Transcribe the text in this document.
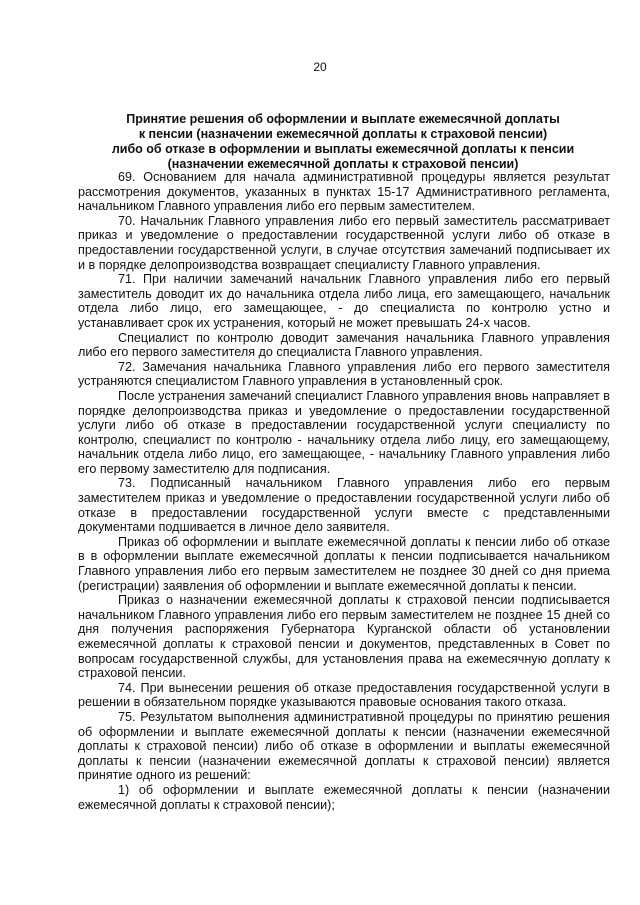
20
Принятие решения об оформлении и выплате ежемесячной доплаты
к пенсии (назначении ежемесячной доплаты к страховой пенсии)
либо об отказе в оформлении и выплаты ежемесячной доплаты к пенсии
(назначении ежемесячной доплаты к страховой пенсии)

69. Основанием для начала административной процедуры является результат рассмотрения документов, указанных в пунктах 15-17 Административного регламента, начальником Главного управления либо его первым заместителем.

70. Начальник Главного управления либо его первый заместитель рассматривает приказ и уведомление о предоставлении государственной услуги либо об отказе в предоставлении государственной услуги, в случае отсутствия замечаний подписывает их и в порядке делопроизводства возвращает специалисту Главного управления.

71. При наличии замечаний начальник Главного управления либо его первый заместитель доводит их до начальника отдела либо лица, его замещающего, начальник отдела либо лицо, его замещающее, - до специалиста по контролю устно и устанавливает срок их устранения, который не может превышать 24-х часов.

Специалист по контролю доводит замечания начальника Главного управления либо его первого заместителя до специалиста Главного управления.

72. Замечания начальника Главного управления либо его первого заместителя устраняются специалистом Главного управления в установленный срок.

После устранения замечаний специалист Главного управления вновь направляет в порядке делопроизводства приказ и уведомление о предоставлении государственной услуги либо об отказе в предоставлении государственной услуги специалисту по контролю, специалист по контролю - начальнику отдела либо лицу, его замещающему, начальник отдела либо лицо, его замещающее, - начальнику Главного управления либо его первому заместителю для подписания.

73. Подписанный начальником Главного управления либо его первым заместителем приказ и уведомление о предоставлении государственной услуги либо об отказе в предоставлении государственной услуги вместе с представленными документами подшивается в личное дело заявителя.

Приказ об оформлении и выплате ежемесячной доплаты к пенсии либо об отказе в в оформлении выплате ежемесячной доплаты к пенсии подписывается начальником Главного управления либо его первым заместителем не позднее 30 дней со дня приема (регистрации) заявления об оформлении и выплате ежемесячной доплаты к пенсии.

Приказ о назначении ежемесячной доплаты к страховой пенсии подписывается начальником Главного управления либо его первым заместителем не позднее 15 дней со дня получения распоряжения Губернатора Курганской области об установлении ежемесячной доплаты к страховой пенсии и документов, представленных в Совет по вопросам государственной службы, для установления права на ежемесячную доплату к страховой пенсии.

74. При вынесении решения об отказе предоставления государственной услуги в решении в обязательном порядке указываются правовые основания такого отказа.

75. Результатом выполнения административной процедуры по принятию решения об оформлении и выплате ежемесячной доплаты к пенсии (назначении ежемесячной доплаты к страховой пенсии) либо об отказе в оформлении и выплаты ежемесячной доплаты к пенсии (назначении ежемесячной доплаты к страховой пенсии) является принятие одного из решений:

1) об оформлении и выплате ежемесячной доплаты к пенсии (назначении ежемесячной доплаты к страховой пенсии);
